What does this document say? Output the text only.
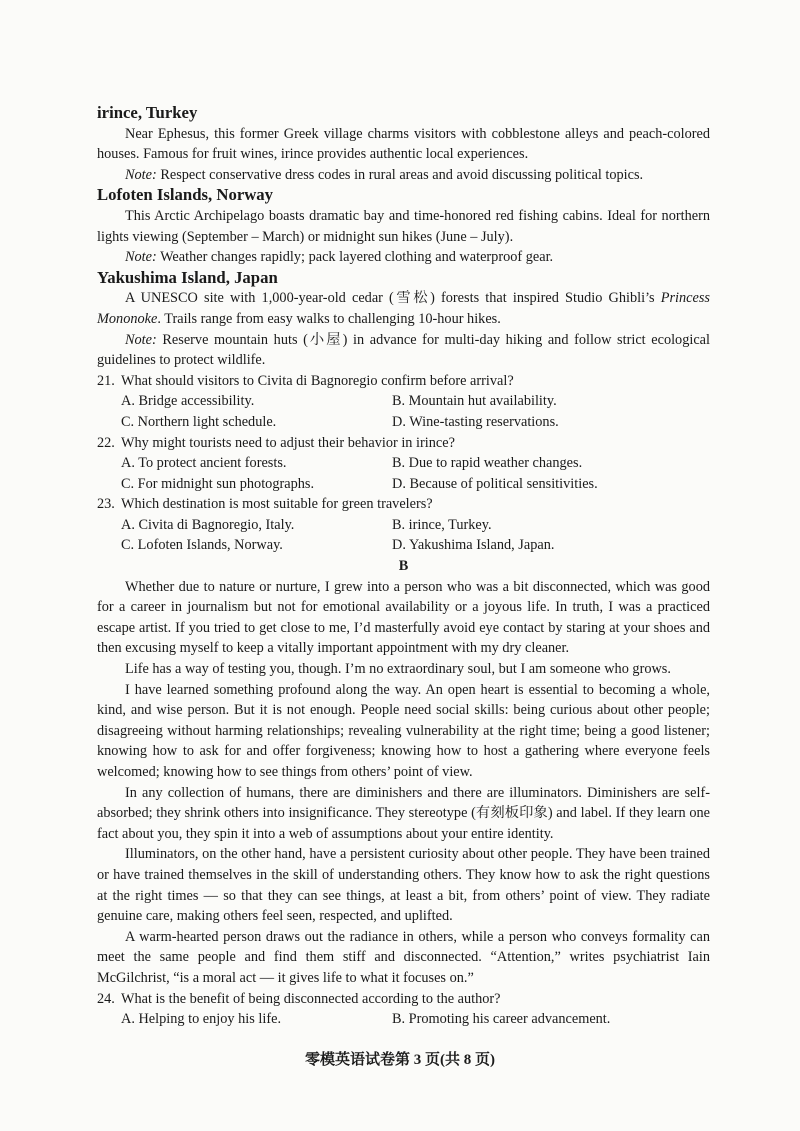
irince, Turkey

Near Ephesus, this former Greek village charms visitors with cobblestone alleys and peach-colored houses. Famous for fruit wines, irince provides authentic local experiences.

Note: Respect conservative dress codes in rural areas and avoid discussing political topics.

Lofoten Islands, Norway

This Arctic Archipelago boasts dramatic bay and time-honored red fishing cabins. Ideal for northern lights viewing (September – March) or midnight sun hikes (June – July).

Note: Weather changes rapidly; pack layered clothing and waterproof gear.

Yakushima Island, Japan

A UNESCO site with 1,000-year-old cedar (雪松) forests that inspired Studio Ghibli’s Princess Mononoke. Trails range from easy walks to challenging 10-hour hikes.

Note: Reserve mountain huts (小屋) in advance for multi-day hiking and follow strict ecological guidelines to protect wildlife.

21. What should visitors to Civita di Bagnoregio confirm before arrival?
A. Bridge accessibility.	B. Mountain hut availability.
C. Northern light schedule.	D. Wine-tasting reservations.
22. Why might tourists need to adjust their behavior in irince?
A. To protect ancient forests.	B. Due to rapid weather changes.
C. For midnight sun photographs.	D. Because of political sensitivities.
23. Which destination is most suitable for green travelers?
A. Civita di Bagnoregio, Italy.	B. irince, Turkey.
C. Lofoten Islands, Norway.	D. Yakushima Island, Japan.
B

Whether due to nature or nurture, I grew into a person who was a bit disconnected, which was good for a career in journalism but not for emotional availability or a joyous life. In truth, I was a practiced escape artist. If you tried to get close to me, I’d masterfully avoid eye contact by staring at your shoes and then excusing myself to keep a vitally important appointment with my dry cleaner.

Life has a way of testing you, though. I’m no extraordinary soul, but I am someone who grows.

I have learned something profound along the way. An open heart is essential to becoming a whole, kind, and wise person. But it is not enough. People need social skills: being curious about other people; disagreeing without harming relationships; revealing vulnerability at the right time; being a good listener; knowing how to ask for and offer forgiveness; knowing how to host a gathering where everyone feels welcomed; knowing how to see things from others’ point of view.

In any collection of humans, there are diminishers and there are illuminators. Diminishers are self-absorbed; they shrink others into insignificance. They stereotype (有刻板印象) and label. If they learn one fact about you, they spin it into a web of assumptions about your entire identity.

Illuminators, on the other hand, have a persistent curiosity about other people. They have been trained or have trained themselves in the skill of understanding others. They know how to ask the right questions at the right times — so that they can see things, at least a bit, from others’ point of view. They radiate genuine care, making others feel seen, respected, and uplifted.

A warm-hearted person draws out the radiance in others, while a person who conveys formality can meet the same people and find them stiff and disconnected. “Attention,” writes psychiatrist Iain McGilchrist, “is a moral act — it gives life to what it focuses on.”

24. What is the benefit of being disconnected according to the author?
A. Helping to enjoy his life.	B. Promoting his career advancement.
零模英语试卷第 3 页(共 8 页)
